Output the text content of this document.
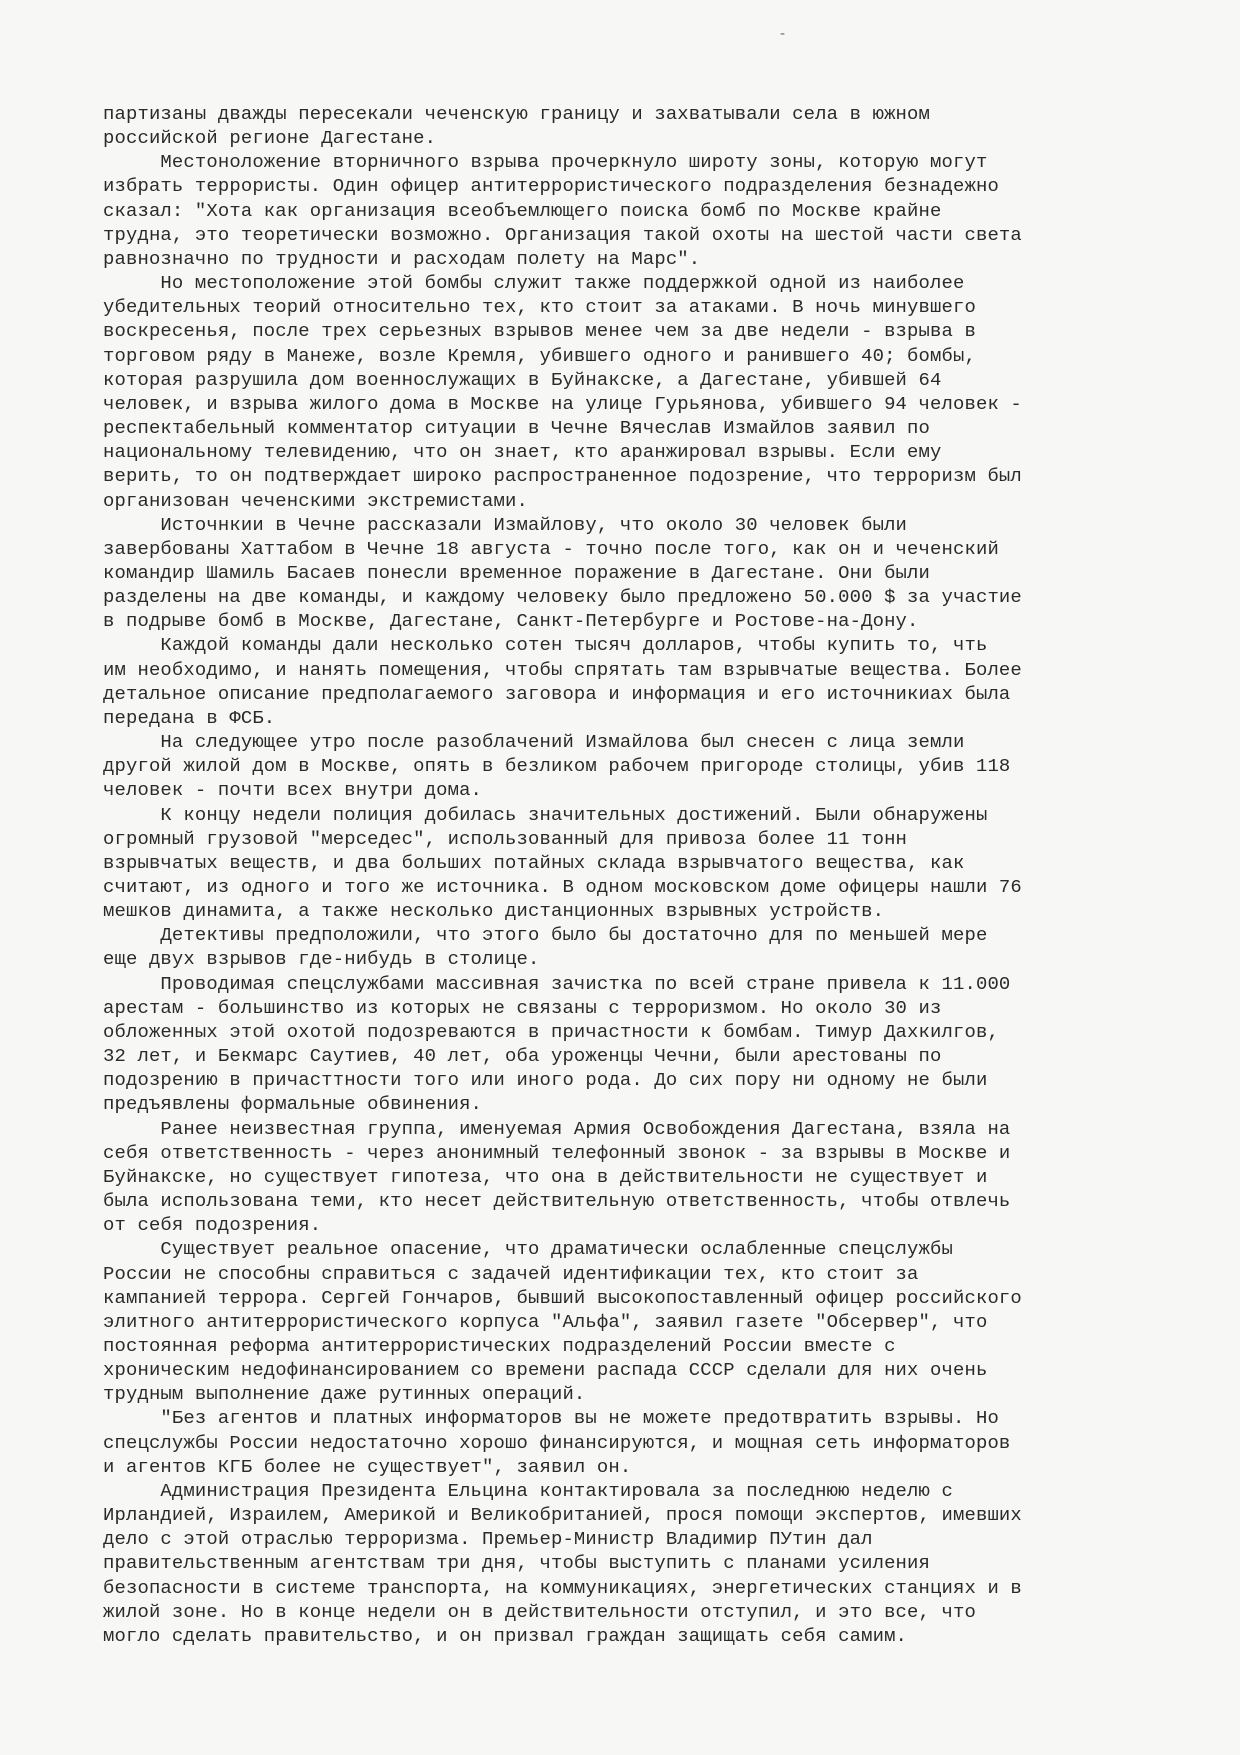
-
партизаны дважды пересекали чеченскую границу и захватывали села в южном
российской регионе Дагестане.
Местоноложение вторничного взрыва прочеркнуло широту зоны, которую могут
избрать террористы. Один офицер антитеррористического подразделения безнадежно
сказал: "Хота как организация всеобъемлющего поиска бомб по Москве крайне
трудна, это теоретически возможно. Организация такой охоты на шестой части света
равнозначно по трудности и расходам полету на Марс".
Но местоположение этой бомбы служит также поддержкой одной из наиболее
убедительных теорий относительно тех, кто стоит за атаками. В ночь минувшего
воскресенья, после трех серьезных взрывов менее чем за две недели - взрыва в
торговом ряду в Манеже, возле Кремля, убившего одного и ранившего 40; бомбы,
которая разрушила дом военнослужащих в Буйнакске, а Дагестане, убившей 64
человек, и взрыва жилого дома в Москве на улице Гурьянова, убившего 94 человек -
респектабельный комментатор ситуации в Чечне Вячеслав Измайлов заявил по
национальному телевидению, что он знает, кто аранжировал взрывы. Если ему
верить, то он подтверждает широко распространенное подозрение, что терроризм был
организован чеченскими экстремистами.
Источнкии в Чечне рассказали Измайлову, что около 30 человек были
завербованы Хаттабом в Чечне 18 августа - точно после того, как он и чеченский
командир Шамиль Басаев понесли временное поражение в Дагестане. Они были
разделены на две команды, и каждому человеку было предложено 50.000 $ за участие
в подрыве бомб в Москве, Дагестане, Санкт-Петербурге и Ростове-на-Дону.
Каждой команды дали несколько сотен тысяч долларов, чтобы купить то, чть
им необходимо, и нанять помещения, чтобы спрятать там взрывчатые вещества. Более
детальное описание предполагаемого заговора и информация и его источникиах была
передана в ФСБ.
На следующее утро после разоблачений Измайлова был снесен с лица земли
другой жилой дом в Москве, опять в безликом рабочем пригороде столицы, убив 118
человек - почти всех внутри дома.
К концу недели полиция добилась значительных достижений. Были обнаружены
огромный грузовой "мерседес", использованный для привоза более 11 тонн
взрывчатых веществ, и два больших потайных склада взрывчатого вещества, как
считают, из одного и того же источника. В одном московском доме офицеры нашли 76
мешков динамита, а также несколько дистанционных взрывных устройств.
Детективы предположили, что этого было бы достаточно для по меньшей мере
еще двух взрывов где-нибудь в столице.
Проводимая спецслужбами массивная зачистка по всей стране привела к 11.000
арестам - большинство из которых не связаны с терроризмом. Но около 30 из
обложенных этой охотой подозреваются в причастности к бомбам. Тимур Дахкилгов,
32 лет, и Бекмарс Саутиев, 40 лет, оба уроженцы Чечни, были арестованы по
подозрению в причасттности того или иного рода. До сих пору ни одному не были
предъявлены формальные обвинения.
Ранее неизвестная группа, именуемая Армия Освобождения Дагестана, взяла на
себя ответственность - через анонимный телефонный звонок - за взрывы в Москве и
Буйнакске, но существует гипотеза, что она в действительности не существует и
была использована теми, кто несет действительную ответственность, чтобы отвлечь
от себя подозрения.
Существует реальное опасение, что драматически ослабленные спецслужбы
России не способны справиться с задачей идентификации тех, кто стоит за
кампанией террора. Сергей Гончаров, бывший высокопоставленный офицер российского
элитного антитеррористического корпуса "Альфа", заявил газете "Обсервер", что
постоянная реформа антитеррористических подразделений России вместе с
хроническим недофинансированием со времени распада СССР сделали для них очень
трудным выполнение даже рутинных операций.
"Без агентов и платных информаторов вы не можете предотвратить взрывы. Но
спецслужбы России недостаточно хорошо финансируются, и мощная сеть информаторов
и агентов КГБ более не существует", заявил он.
Администрация Президента Ельцина контактировала за последнюю неделю с
Ирландией, Израилем, Америкой и Великобританией, прося помощи экспертов, имевших
дело с этой отраслью терроризма. Премьер-Министр Владимир ПУтин дал
правительственным агентствам три дня, чтобы выступить с планами усиления
безопасности в системе транспорта, на коммуникациях, энергетических станциях и в
жилой зоне. Но в конце недели он в действительности отступил, и это все, что
могло сделать правительство, и он призвал граждан защищать себя самим.
